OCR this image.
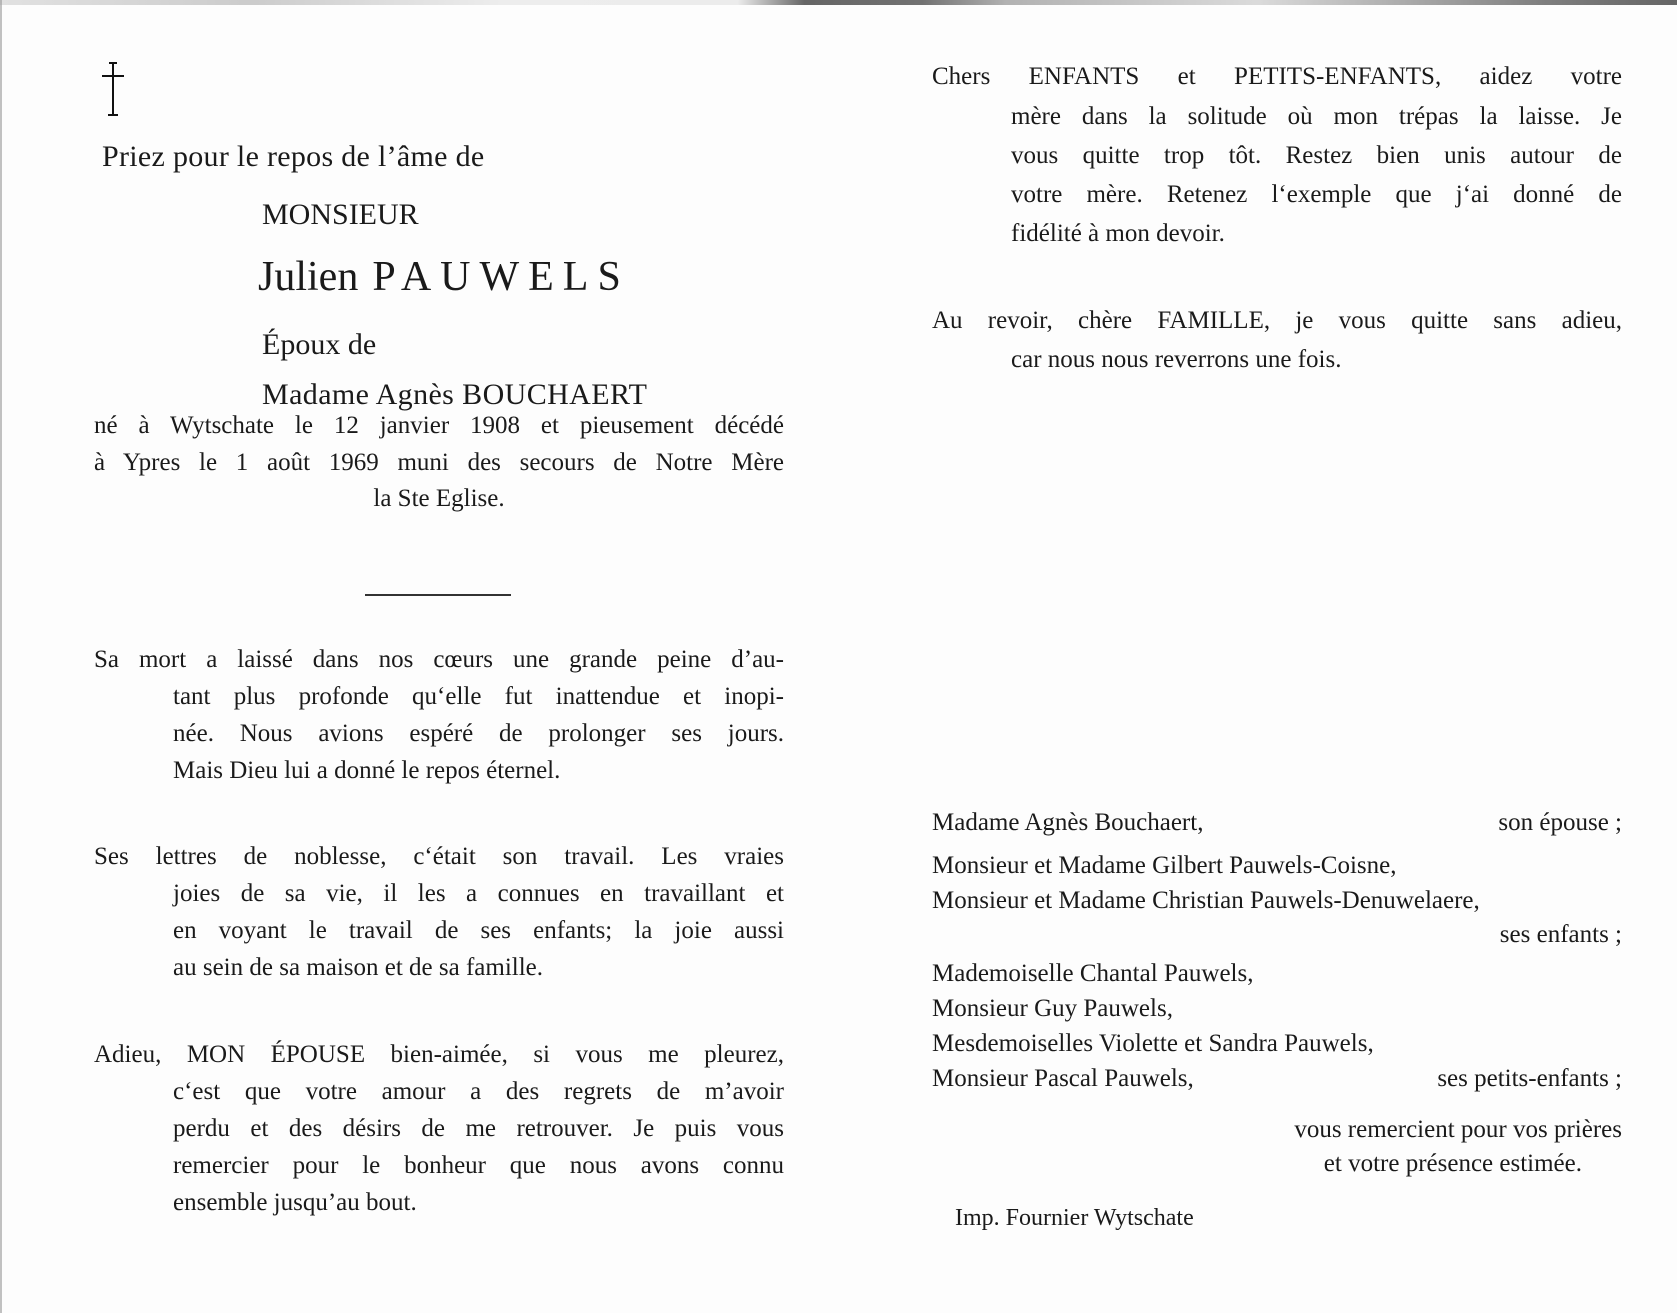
Priez pour le repos de l’âme de
MONSIEUR
Julien PAUWELS
Époux de
Madame Agnès BOUCHAERT
né à Wytschate le 12 janvier 1908 et pieusement décédé
à Ypres le 1 août 1969 muni des secours de Notre Mère
la Ste Eglise.
Sa mort a laissé dans nos cœurs une grande peine d’au-
tant plus profonde qu‘elle fut inattendue et inopi-
née. Nous avions espéré de prolonger ses jours.
Mais Dieu lui a donné le repos éternel.
Ses lettres de noblesse, c‘était son travail. Les vraies
joies de sa vie, il les a connues en travaillant et
en voyant le travail de ses enfants; la joie aussi
au sein de sa maison et de sa famille.
Adieu, MON ÉPOUSE bien-aimée, si vous me pleurez,
c‘est que votre amour a des regrets de m’avoir
perdu et des désirs de me retrouver. Je puis vous
remercier pour le bonheur que nous avons connu
ensemble jusqu’au bout.
Chers ENFANTS et PETITS-ENFANTS, aidez votre
mère dans la solitude où mon trépas la laisse. Je
vous quitte trop tôt. Restez bien unis autour de
votre mère. Retenez l‘exemple que j‘ai donné de
fidélité à mon devoir.
Au revoir, chère FAMILLE, je vous quitte sans adieu,
car nous nous reverrons une fois.
Madame Agnès Bouchaert,	son épouse ;
Monsieur et Madame Gilbert Pauwels-Coisne,
Monsieur et Madame Christian Pauwels-Denuwelaere,
ses enfants ;
Mademoiselle Chantal Pauwels,
Monsieur Guy Pauwels,
Mesdemoiselles Violette et Sandra Pauwels,
Monsieur Pascal Pauwels,	ses petits-enfants ;
vous remercient pour vos prières
et votre présence estimée.
Imp. Fournier Wytschate
